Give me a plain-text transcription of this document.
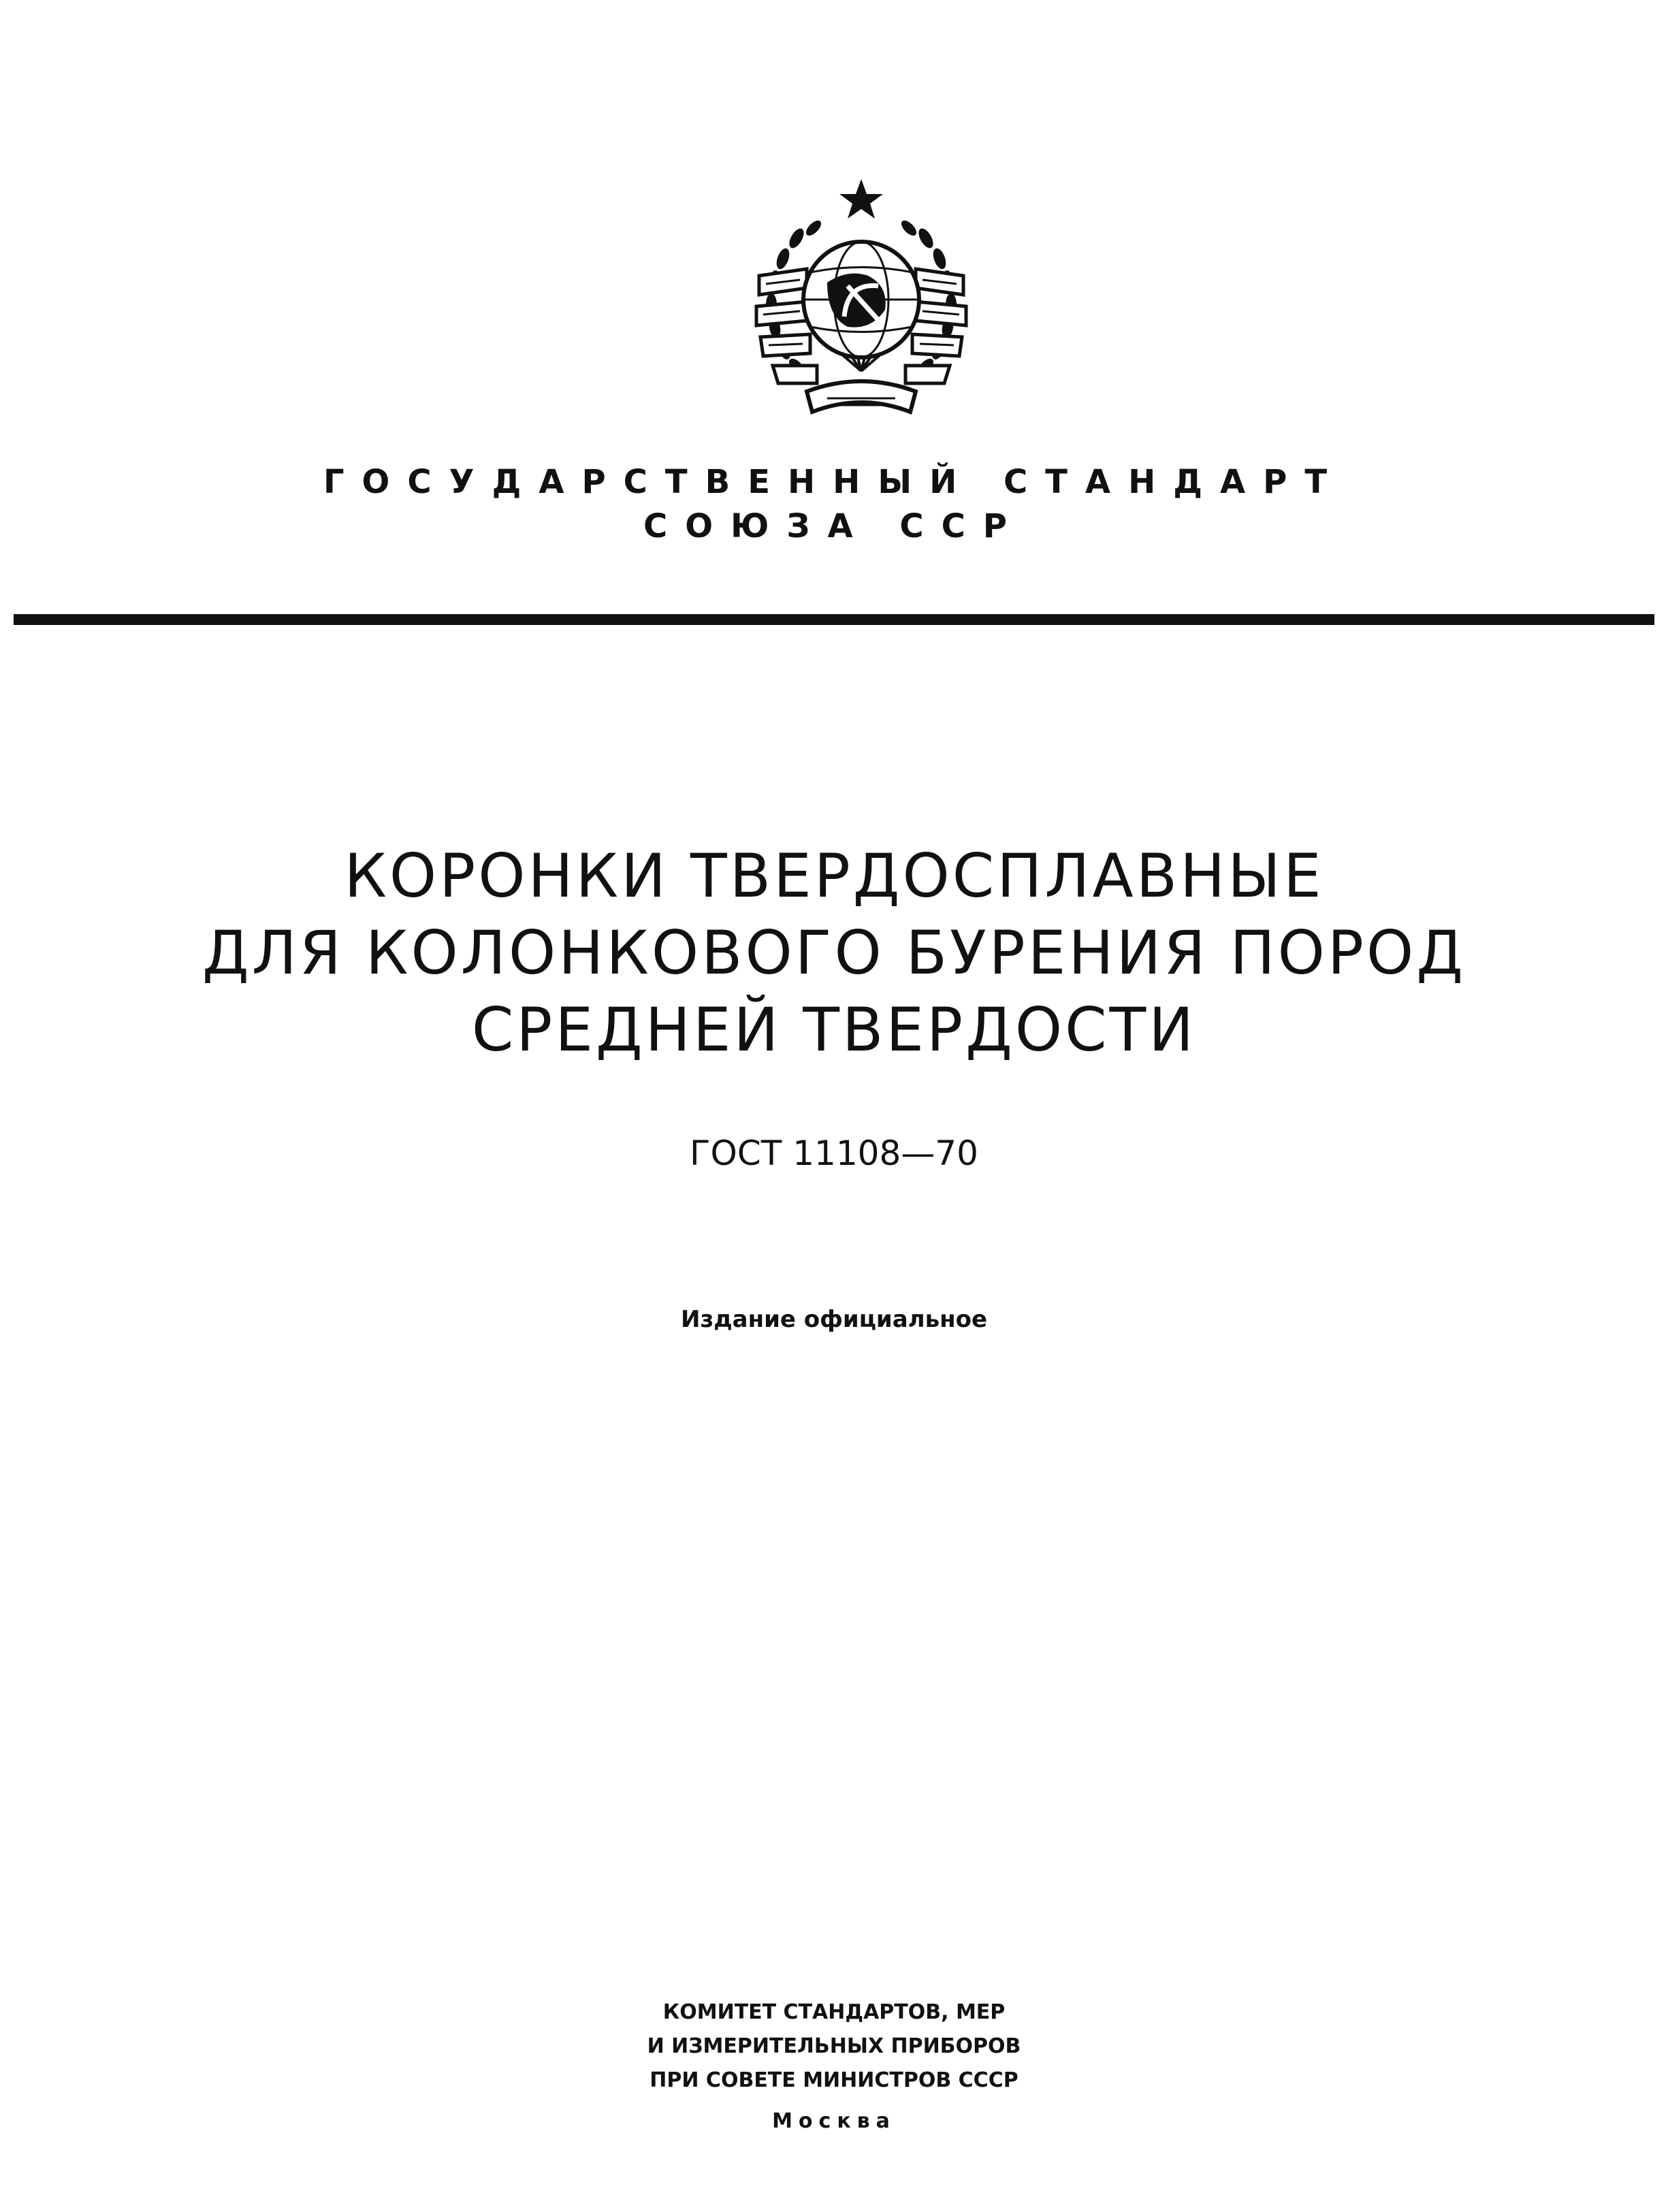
ГОСУДАРСТВЕННЫЙ СТАНДАРТ

СОЮЗА ССР

КОРОНКИ ТВЕРДОСПЛАВНЫЕ
ДЛЯ КОЛОНКОВОГО БУРЕНИЯ ПОРОД
СРЕДНЕЙ ТВЕРДОСТИ

ГОСТ 11108—70

Издание официальное

КОМИТЕТ СТАНДАРТОВ, МЕР

И ИЗМЕРИТЕЛЬНЫХ ПРИБОРОВ

ПРИ СОВЕТЕ МИНИСТРОВ СССР

Москва
